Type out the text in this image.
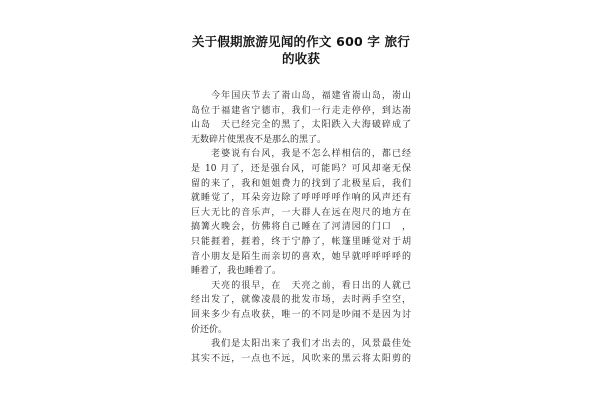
关于假期旅游见闻的作文 600 字 旅行
的收获

　　今年国庆节去了嵛山岛，福建省嵛山岛，嵛山
岛位于福建省宁德市，我们一行走走停停，到达嵛
山岛　天已经完全的黑了，太阳跌入大海破碎成了
无数碎片使黑夜不是那么的黑了。

　　老婆说有台风，我是不怎么样相信的，都已经
是 10 月了，还是强台风，可能吗？可风却毫无保
留的来了，我和姐姐费力的找到了北极星后，我们
就睡觉了，耳朵旁边除了呼呼呼呼作响的风声还有
巨大无比的音乐声，一大群人在远在咫尺的地方在
搞篝火晚会，仿佛将自己睡在了河清园的门口　，
只能捱着，捱着，终于宁静了，帐篷里睡觉对于胡
音小朋友是陌生而亲切的喜欢，她早就呼呼呼呼的
睡着了，我也睡着了。

　　天亮的很早，在　天亮之前，看日出的人就已
经出发了，就像凌晨的批发市场，去时两手空空，
回来多少有点收获，唯一的不同是吵闹不是因为讨
价还价。

　　我们是太阳出来了我们才出去的，风景最佳处
其实不远，一点也不远，风吹来的黑云将太阳剪的
